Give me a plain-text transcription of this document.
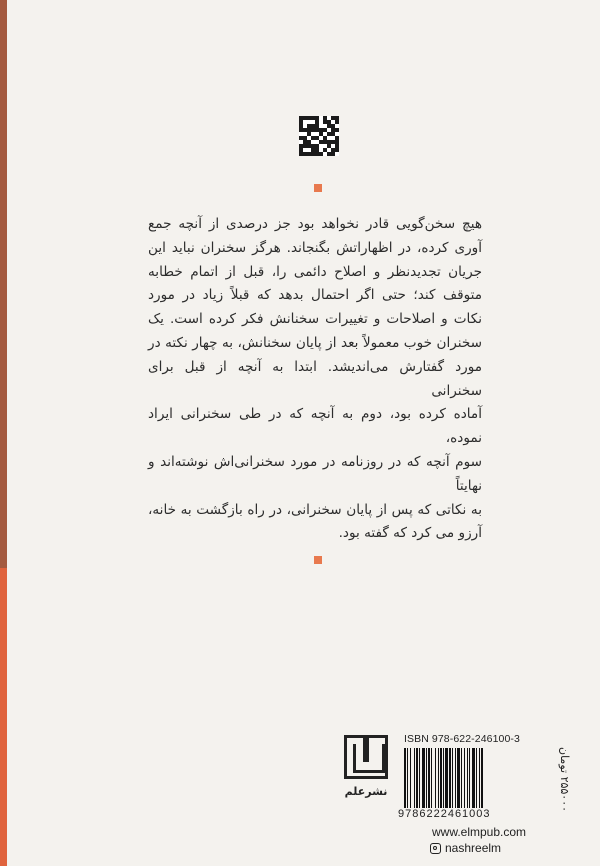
هیچ سخن‌گویی قادر نخواهد بود جز درصدی از آنچه جمع
آوری کرده، در اظهاراتش بگنجاند. هرگز سخنران نباید این
جریان تجدیدنظر و اصلاح دائمی را، قبل از اتمام خطابه
متوقف کند؛ حتی اگر احتمال بدهد که قبلاً زیاد در مورد
نکات و اصلاحات و تغییرات سخنانش فکر کرده است. یک
سخنران خوب معمولاً بعد از پایان سخنانش، به چهار نکته در
مورد گفتارش می‌اندیشد. ابتدا به آنچه از قبل برای سخنرانی
آماده کرده بود، دوم به آنچه که در طی سخنرانی ایراد نموده،
سوم آنچه که در روزنامه در مورد سخنرانی‌اش نوشته‌اند و نهایتاً
به نکاتی که پس از پایان سخنرانی، در راه بازگشت به خانه،
آرزو می کرد که گفته بود.
نشرعلم
ISBN 978-622-246100-3
9786222461003
۲۵۵۰۰۰ تومان
www.elmpub.com
nashreelm
